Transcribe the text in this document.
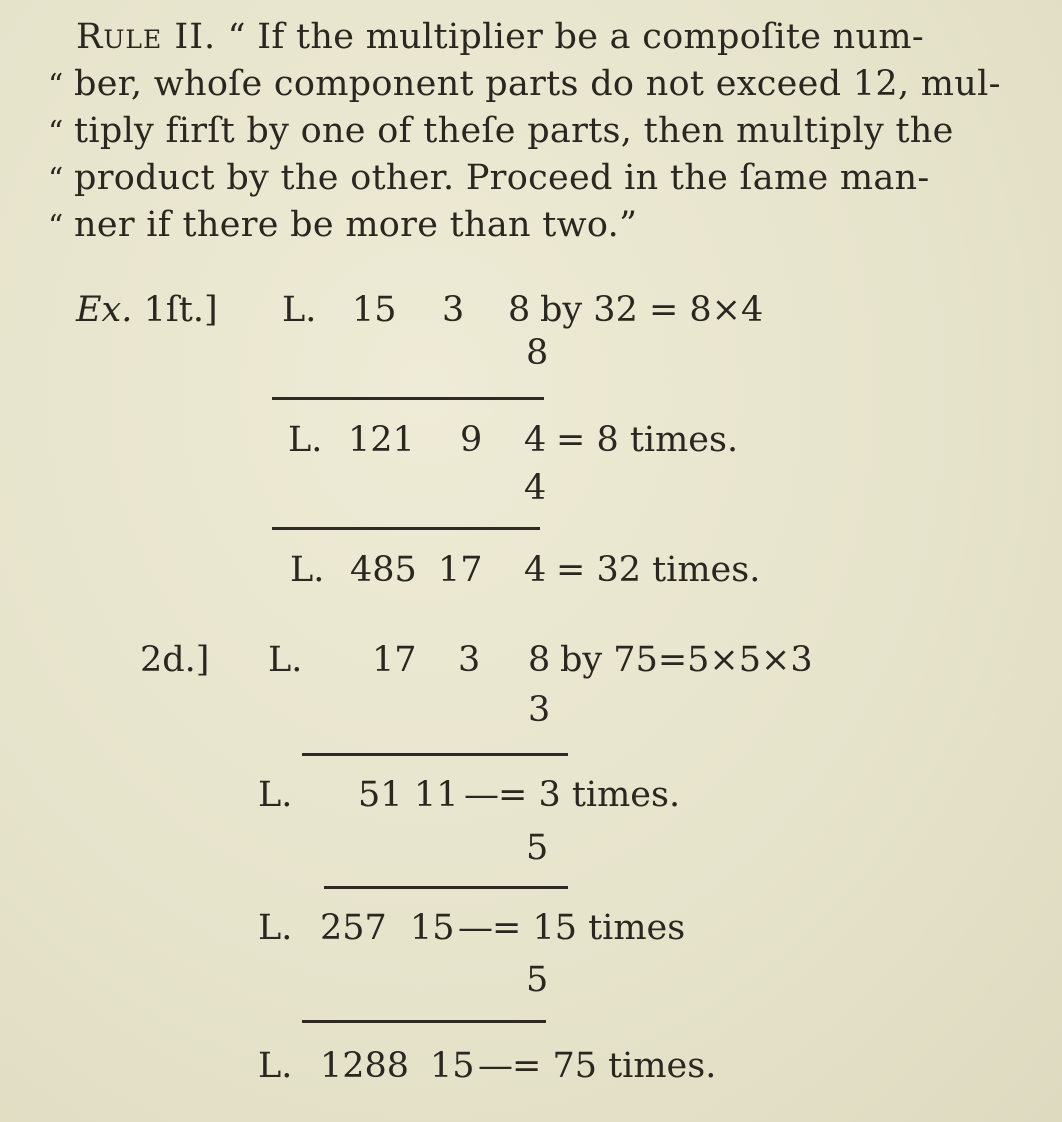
Rule II. “ If the multiplier be a compoſite num-
“ ber, whoſe component parts do not exceed 12, mul-
“ tiply firſt by one of theſe parts, then multiply the
“ product by the other. Proceed in the ſame man-
“ ner if there be more than two.”
Ex. 1ſt.] L. 15 3 8 by 32 = 8×4
8
L. 121 9 4 = 8 times.
4
L. 485 17 4 = 32 times.
2d.] L. 17 3 8 by 75=5×5×3
3
L. 51 11 —= 3 times.
5
L. 257 15—= 15 times
5
L. 1288 15—= 75 times.
